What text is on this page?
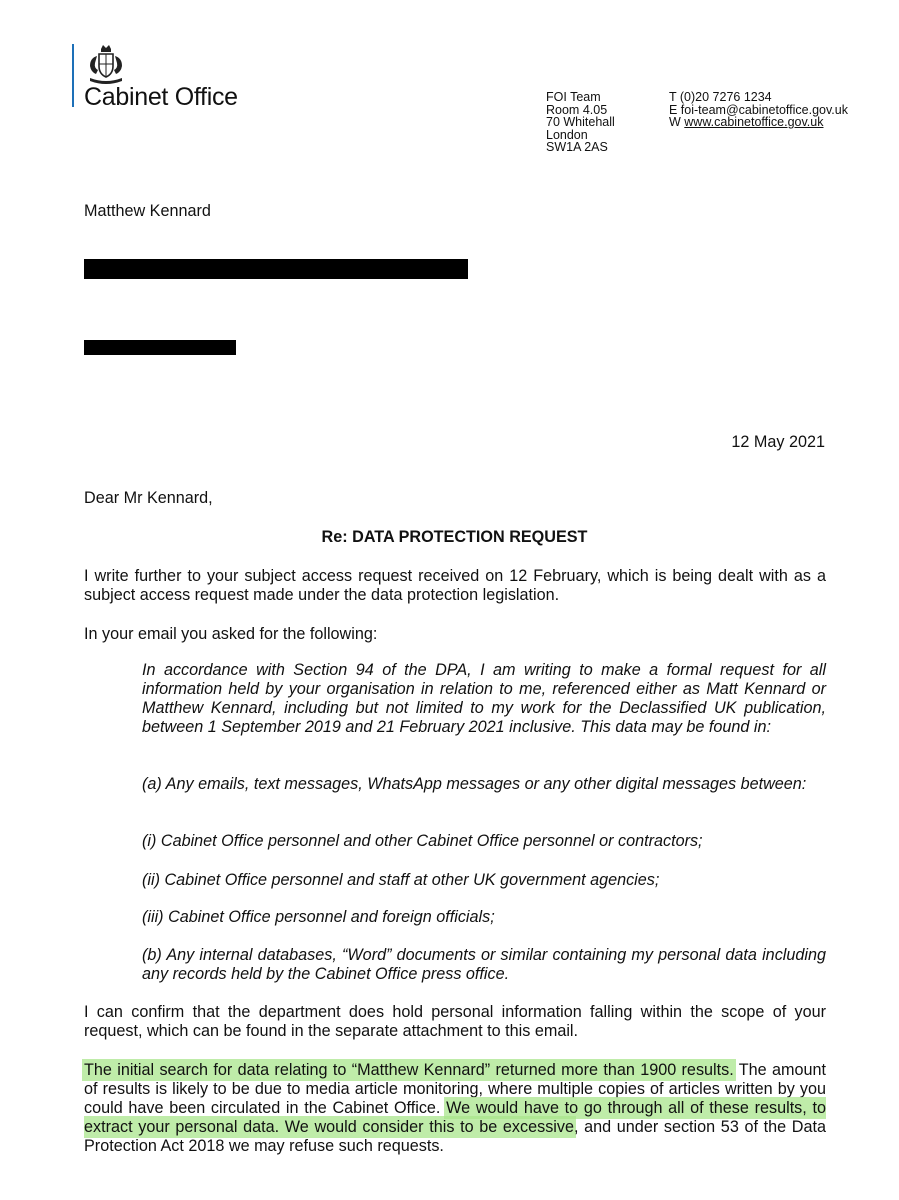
Cabinet Office	FOI Team
Room 4.05
70 Whitehall
London
SW1A 2AS
T (0)20 7276 1234
E foi-team@cabinetoffice.gov.uk
W www.cabinetoffice.gov.uk
Matthew Kennard
12 May 2021
Dear Mr Kennard,
Re: DATA PROTECTION REQUEST
I write further to your subject access request received on 12 February, which is being dealt with as a subject access request made under the data protection legislation.
In your email you asked for the following:
In accordance with Section 94 of the DPA, I am writing to make a formal request for all information held by your organisation in relation to me, referenced either as Matt Kennard or Matthew Kennard, including but not limited to my work for the Declassified UK publication, between 1 September 2019 and 21 February 2021 inclusive. This data may be found in:
(a) Any emails, text messages, WhatsApp messages or any other digital messages between:
(i) Cabinet Office personnel and other Cabinet Office personnel or contractors;
(ii) Cabinet Office personnel and staff at other UK government agencies;
(iii) Cabinet Office personnel and foreign officials;
(b) Any internal databases, “Word” documents or similar containing my personal data including any records held by the Cabinet Office press office.
I can confirm that the department does hold personal information falling within the scope of your request, which can be found in the separate attachment to this email.
The initial search for data relating to “Matthew Kennard” returned more than 1900 results. The amount of results is likely to be due to media article monitoring, where multiple copies of articles written by you could have been circulated in the Cabinet Office. We would have to go through all of these results, to extract your personal data. We would consider this to be excessive, and under section 53 of the Data Protection Act 2018 we may refuse such requests.
